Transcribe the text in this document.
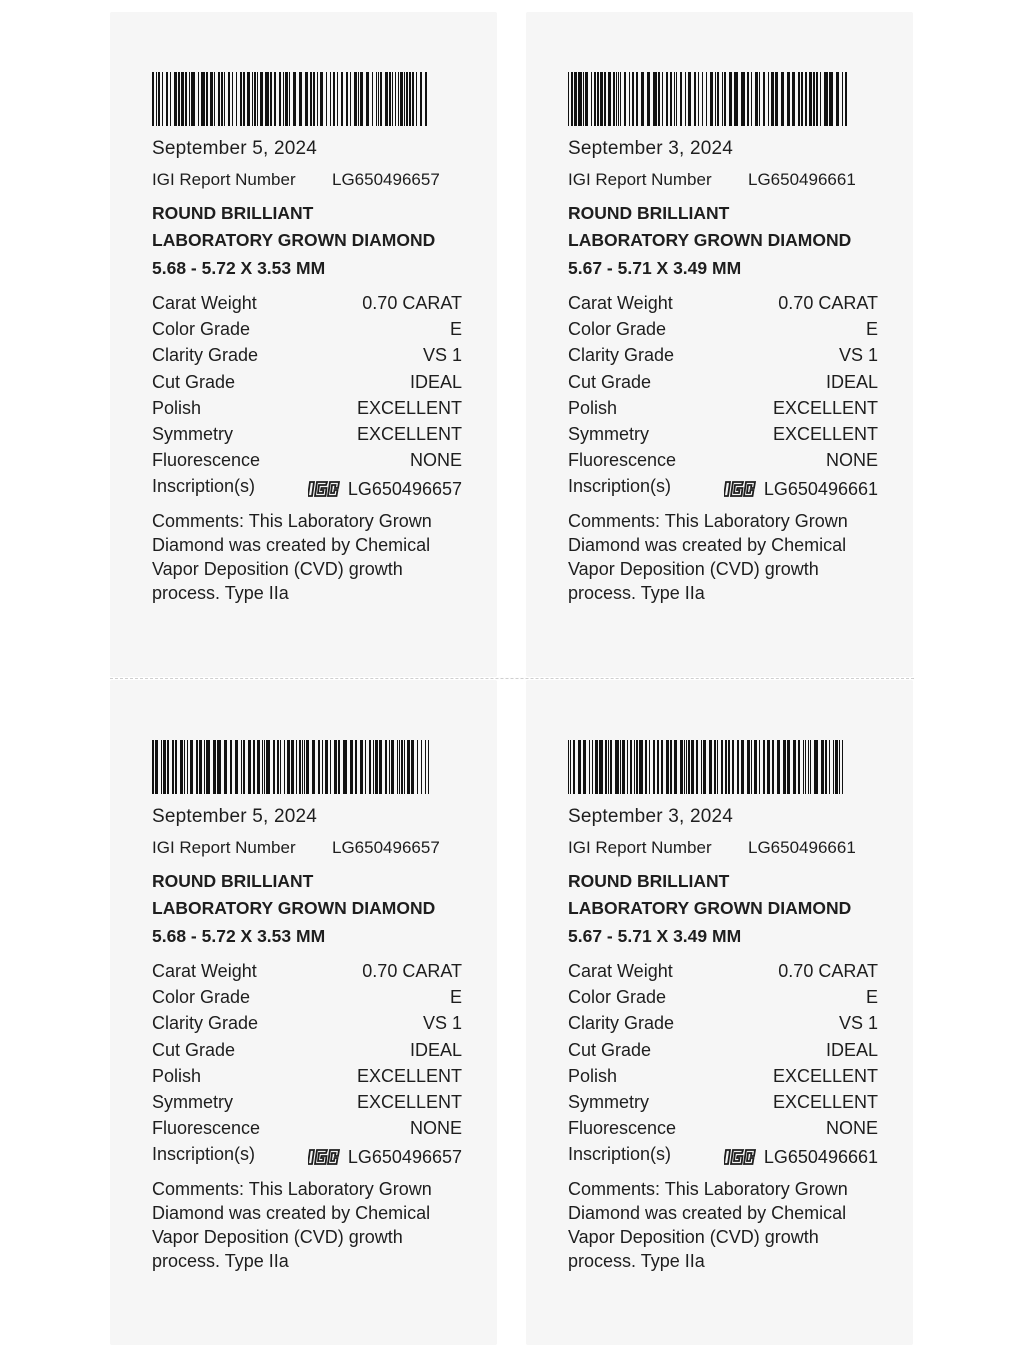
September 5, 2024
IGI Report Number	LG650496657
ROUND BRILLIANT
LABORATORY GROWN DIAMOND
5.68 - 5.72 X 3.53 MM
Carat Weight	0.70 CARAT
Color Grade	E
Clarity Grade	VS 1
Cut Grade	IDEAL
Polish	EXCELLENT
Symmetry	EXCELLENT
Fluorescence	NONE
Inscription(s)	LG650496657
Comments: This Laboratory Grown Diamond was created by Chemical Vapor Deposition (CVD) growth process. Type IIa
September 3, 2024
IGI Report Number	LG650496661
ROUND BRILLIANT
LABORATORY GROWN DIAMOND
5.67 - 5.71 X 3.49 MM
Carat Weight	0.70 CARAT
Color Grade	E
Clarity Grade	VS 1
Cut Grade	IDEAL
Polish	EXCELLENT
Symmetry	EXCELLENT
Fluorescence	NONE
Inscription(s)	LG650496661
Comments: This Laboratory Grown Diamond was created by Chemical Vapor Deposition (CVD) growth process. Type IIa
September 5, 2024
IGI Report Number	LG650496657
ROUND BRILLIANT
LABORATORY GROWN DIAMOND
5.68 - 5.72 X 3.53 MM
Carat Weight	0.70 CARAT
Color Grade	E
Clarity Grade	VS 1
Cut Grade	IDEAL
Polish	EXCELLENT
Symmetry	EXCELLENT
Fluorescence	NONE
Inscription(s)	LG650496657
Comments: This Laboratory Grown Diamond was created by Chemical Vapor Deposition (CVD) growth process. Type IIa
September 3, 2024
IGI Report Number	LG650496661
ROUND BRILLIANT
LABORATORY GROWN DIAMOND
5.67 - 5.71 X 3.49 MM
Carat Weight	0.70 CARAT
Color Grade	E
Clarity Grade	VS 1
Cut Grade	IDEAL
Polish	EXCELLENT
Symmetry	EXCELLENT
Fluorescence	NONE
Inscription(s)	LG650496661
Comments: This Laboratory Grown Diamond was created by Chemical Vapor Deposition (CVD) growth process. Type IIa
